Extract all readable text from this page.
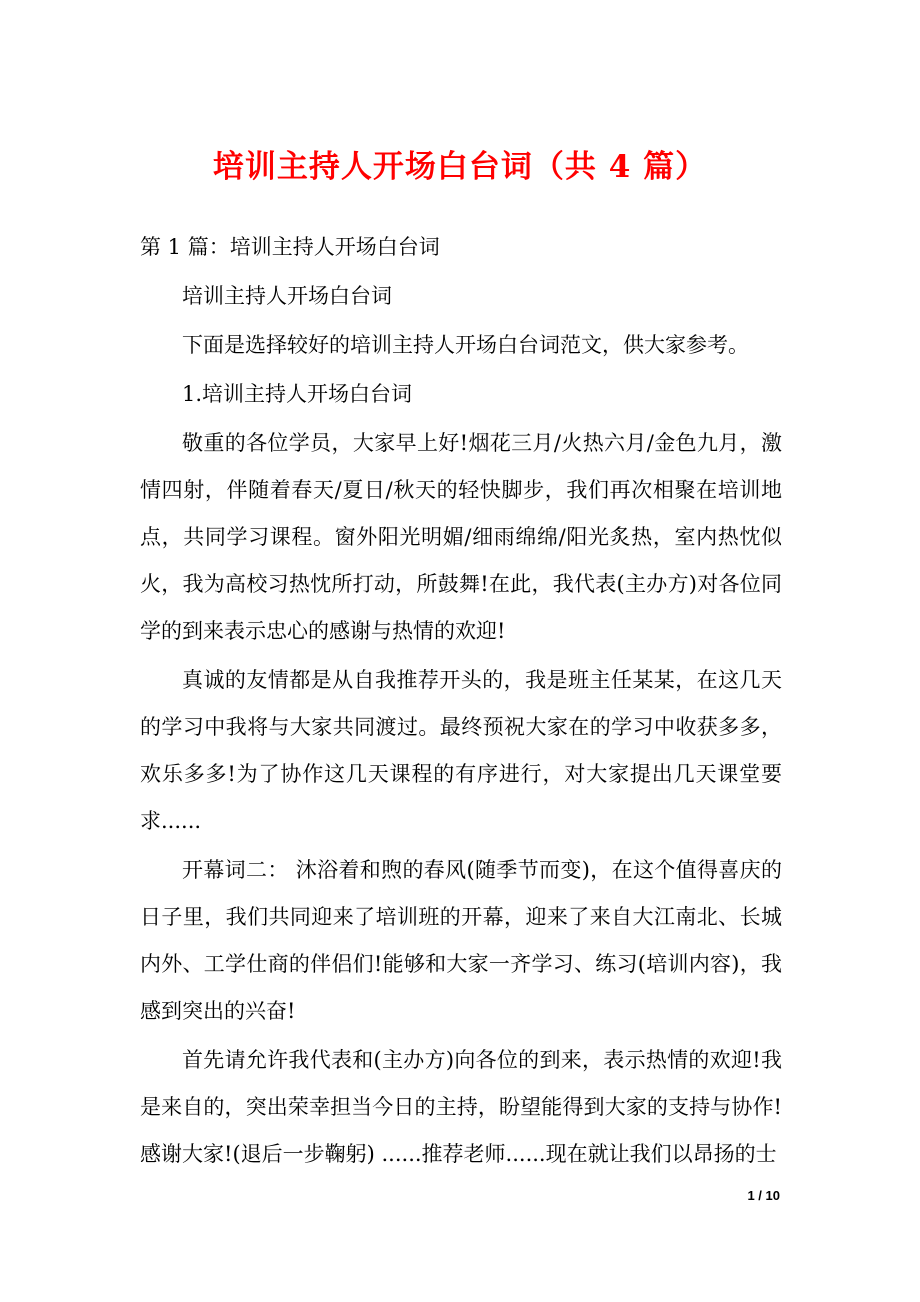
培训主持人开场白台词（共 4 篇）

第 1 篇：培训主持人开场白台词

培训主持人开场白台词

下面是选择较好的培训主持人开场白台词范文，供大家参考。

1.培训主持人开场白台词

敬重的各位学员，大家早上好!烟花三月/火热六月/金色九月，激情四射，伴随着春天/夏日/秋天的轻快脚步，我们再次相聚在培训地点，共同学习课程。窗外阳光明媚/细雨绵绵/阳光炙热，室内热忱似火，我为高校习热忱所打动，所鼓舞!在此，我代表(主办方)对各位同学的到来表示忠心的感谢与热情的欢迎!

真诚的友情都是从自我推荐开头的，我是班主任某某，在这几天的学习中我将与大家共同渡过。最终预祝大家在的学习中收获多多，欢乐多多!为了协作这几天课程的有序进行，对大家提出几天课堂要求......

开幕词二： 沐浴着和煦的春风(随季节而变)，在这个值得喜庆的日子里，我们共同迎来了培训班的开幕，迎来了来自大江南北、长城内外、工学仕商的伴侣们!能够和大家一齐学习、练习(培训内容)，我感到突出的兴奋!

首先请允许我代表和(主办方)向各位的到来，表示热情的欢迎!我是来自的，突出荣幸担当今日的主持，盼望能得到大家的支持与协作!感谢大家!(退后一步鞠躬) ......推荐老师......现在就让我们以昂扬的士

1 / 10
